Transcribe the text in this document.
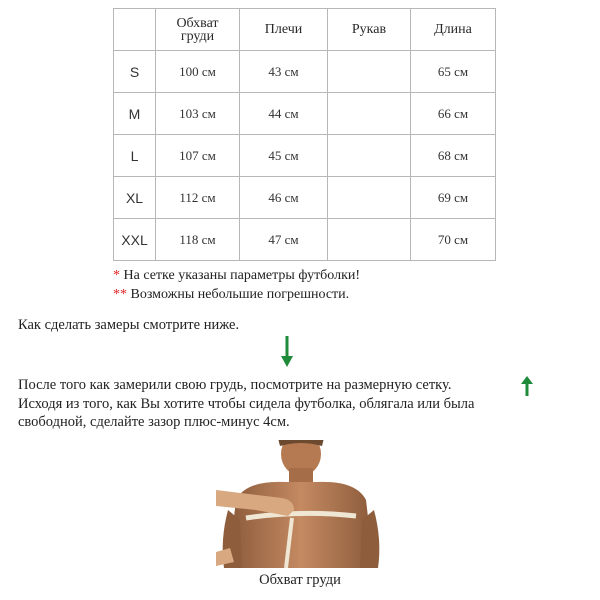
	Обхват груди	Плечи	Рукав	Длина
S	100 см	43 см		65 см
M	103 см	44 см		66 см
L	107 см	45 см		68 см
XL	112 см	46 см		69 см
XXL	118 см	47 см		70 см
* На сетке указаны параметры футболки!
** Возможны небольшие погрешности.
Как сделать замеры смотрите ниже.
После того как замерили свою грудь, посмотрите на размерную сетку.
Исходя из того, как Вы хотите чтобы сидела футболка, облягала или была
свободной, сделайте зазор плюс-минус 4см.
Обхват груди
